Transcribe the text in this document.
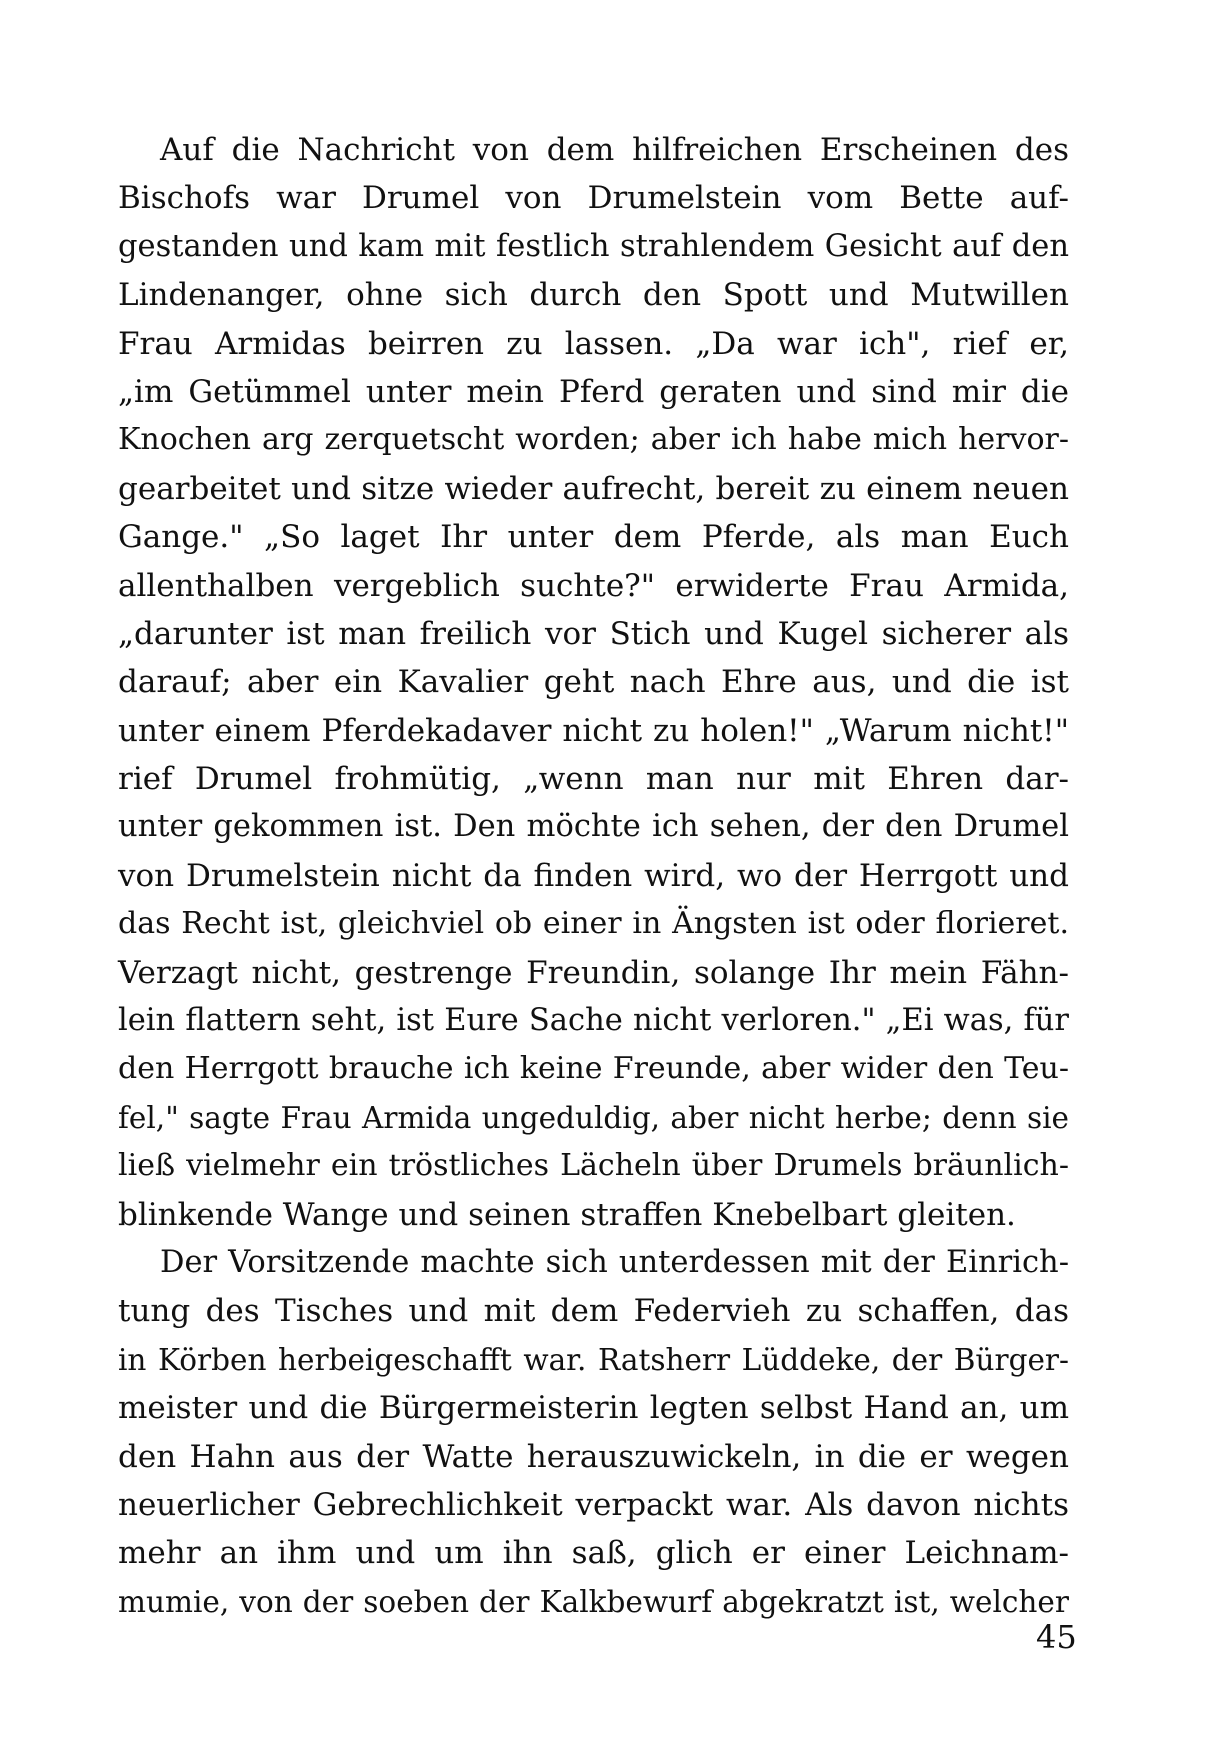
Auf die Nachricht von dem hilfreichen Erscheinen des
Bischofs war Drumel von Drumelstein vom Bette auf-
gestanden und kam mit festlich strahlendem Gesicht auf den
Lindenanger, ohne sich durch den Spott und Mutwillen
Frau Armidas beirren zu lassen. „Da war ich", rief er,
„im Getümmel unter mein Pferd geraten und sind mir die
Knochen arg zerquetscht worden; aber ich habe mich hervor-
gearbeitet und sitze wieder aufrecht, bereit zu einem neuen
Gange." „So laget Ihr unter dem Pferde, als man Euch
allenthalben vergeblich suchte?" erwiderte Frau Armida,
„darunter ist man freilich vor Stich und Kugel sicherer als
darauf; aber ein Kavalier geht nach Ehre aus, und die ist
unter einem Pferdekadaver nicht zu holen!" „Warum nicht!"
rief Drumel frohmütig, „wenn man nur mit Ehren dar-
unter gekommen ist. Den möchte ich sehen, der den Drumel
von Drumelstein nicht da finden wird, wo der Herrgott und
das Recht ist, gleichviel ob einer in Ängsten ist oder florieret.
Verzagt nicht, gestrenge Freundin, solange Ihr mein Fähn-
lein flattern seht, ist Eure Sache nicht verloren." „Ei was, für
den Herrgott brauche ich keine Freunde, aber wider den Teu-
fel," sagte Frau Armida ungeduldig, aber nicht herbe; denn sie
ließ vielmehr ein tröstliches Lächeln über Drumels bräunlich-
blinkende Wange und seinen straffen Knebelbart gleiten.
Der Vorsitzende machte sich unterdessen mit der Einrich-
tung des Tisches und mit dem Federvieh zu schaffen, das
in Körben herbeigeschafft war. Ratsherr Lüddeke, der Bürger-
meister und die Bürgermeisterin legten selbst Hand an, um
den Hahn aus der Watte herauszuwickeln, in die er wegen
neuerlicher Gebrechlichkeit verpackt war. Als davon nichts
mehr an ihm und um ihn saß, glich er einer Leichnam-
mumie, von der soeben der Kalkbewurf abgekratzt ist, welcher
45
